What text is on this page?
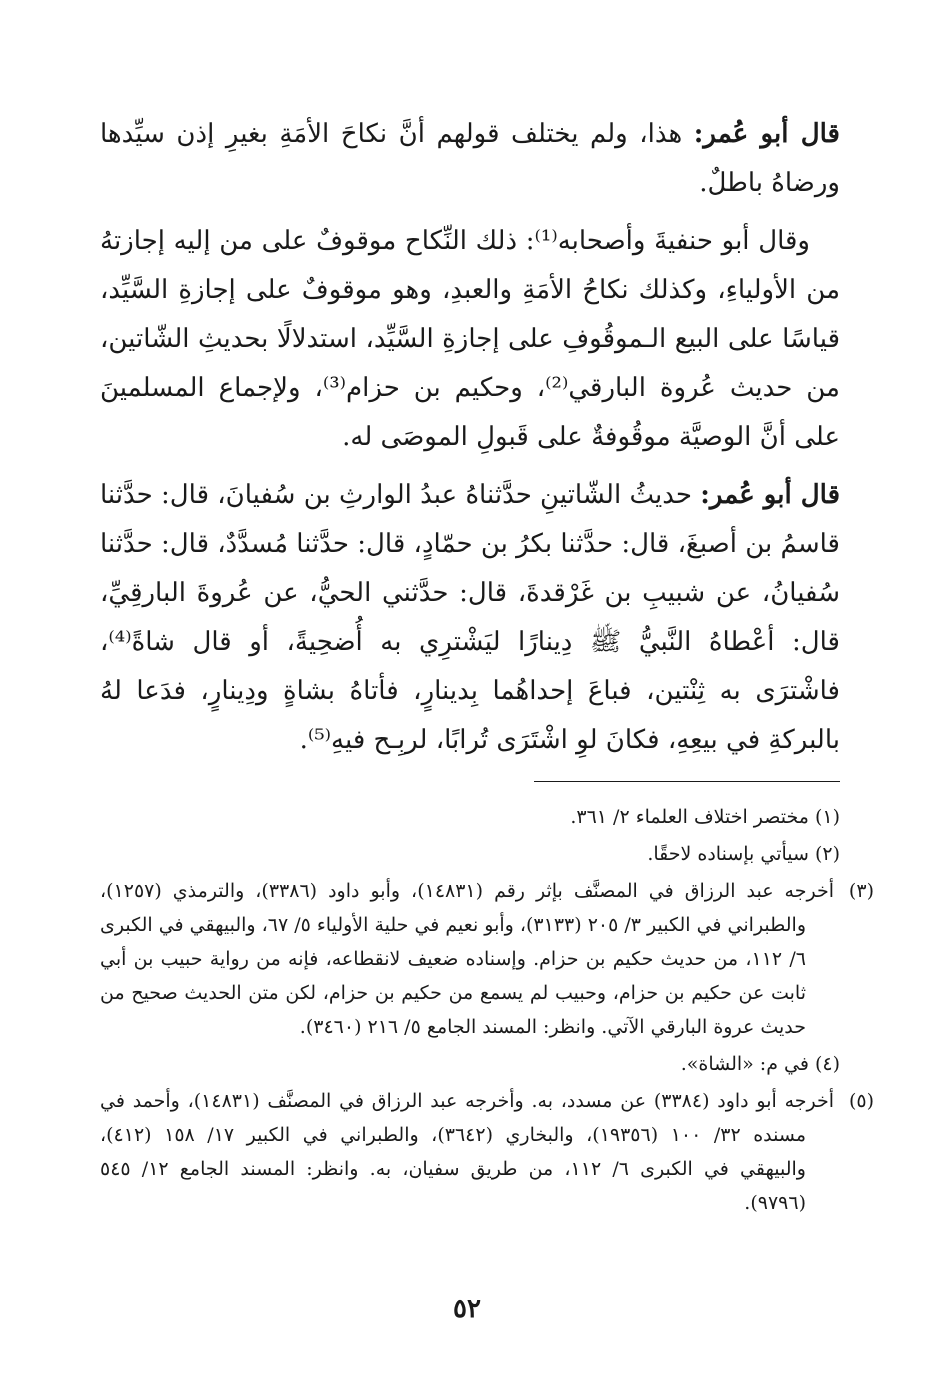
قال أبو عُمر: هذا، ولم يختلف قولهم أنَّ نكاحَ الأمَةِ بغيرِ إذن سيِّدها ورضاهُ باطلٌ.

وقال أبو حنفيةَ وأصحابه⁽¹⁾: ذلك النِّكاح موقوفٌ على من إليه إجازتهُ من الأولياءِ، وكذلك نكاحُ الأمَةِ والعبدِ، وهو موقوفٌ على إجازةِ السَّيِّد، قياسًا على البيع الـموقُوفِ على إجازةِ السَّيِّد، استدلالًا بحديثِ الشّاتين، من حديث عُروة البارقي⁽²⁾، وحكيم بن حزام⁽³⁾، ولإجماع المسلمينَ على أنَّ الوصيَّة موقُوفةٌ على قَبولِ الموصَى له.

قال أبو عُمر: حديثُ الشّاتينِ حدَّثناهُ عبدُ الوارثِ بن سُفيانَ، قال: حدَّثنا قاسمُ بن أصبغَ، قال: حدَّثنا بكرُ بن حمّادٍ، قال: حدَّثنا مُسدَّدٌ، قال: حدَّثنا سُفيانُ، عن شبيبِ بن غَرْقدةَ، قال: حدَّثني الحيُّ، عن عُروةَ البارقِيِّ، قال: أعْطاهُ النَّبيُّ ﷺ دِينارًا ليَشْترِي به أُضحِيةً، أو قال شاةً⁽⁴⁾، فاشْترَى به ثِنْتين، فباعَ إحداهُما بِدينارٍ، فأتاهُ بشاةٍ ودِينارٍ، فدَعا لهُ بالبركةِ في بيعِهِ، فكانَ لوِ اشْتَرَى تُرابًا، لربِـح فيهِ⁽⁵⁾.

(١)مختصر اختلاف العلماء ٢/ ٣٦١.

(٢)سيأتي بإسناده لاحقًا.

(٣)أخرجه عبد الرزاق في المصنَّف بإثر رقم (١٤٨٣١)، وأبو داود (٣٣٨٦)، والترمذي (١٢٥٧)، والطبراني في الكبير ٣/ ٢٠٥ (٣١٣٣)، وأبو نعيم في حلية الأولياء ٥/ ٦٧، والبيهقي في الكبرى ٦/ ١١٢، من حديث حكيم بن حزام. وإسناده ضعيف لانقطاعه، فإنه من رواية حبيب بن أبي ثابت عن حكيم بن حزام، وحبيب لم يسمع من حكيم بن حزام، لكن متن الحديث صحيح من حديث عروة البارقي الآتي. وانظر: المسند الجامع ٥/ ٢١٦ (٣٤٦٠).

(٤)في م: «الشاة».

(٥)أخرجه أبو داود (٣٣٨٤) عن مسدد، به. وأخرجه عبد الرزاق في المصنَّف (١٤٨٣١)، وأحمد في مسنده ٣٢/ ١٠٠ (١٩٣٥٦)، والبخاري (٣٦٤٢)، والطبراني في الكبير ١٧/ ١٥٨ (٤١٢)، والبيهقي في الكبرى ٦/ ١١٢، من طريق سفيان، به. وانظر: المسند الجامع ١٢/ ٥٤٥ (٩٧٩٦).

٥٢
